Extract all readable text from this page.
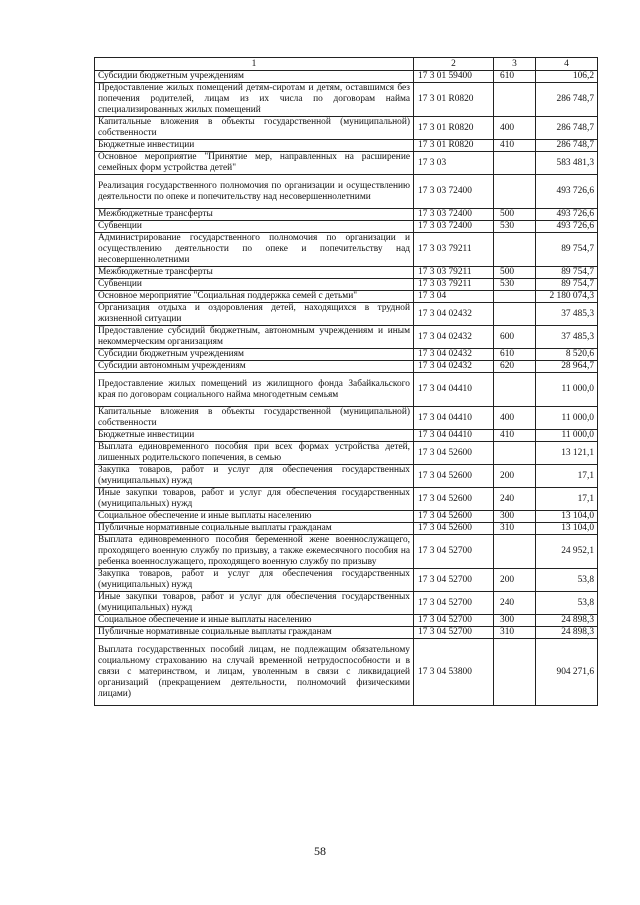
1	2	3	4
Субсидии бюджетным учреждениям	17 3 01 59400	610	106,2
Предоставление жилых помещений детям-сиротам и детям, оставшимся без попечения родителей, лицам из их числа по договорам найма специализированных жилых помещений	17 3 01 R0820		286 748,7
Капитальные вложения в объекты государственной (муниципальной) собственности	17 3 01 R0820	400	286 748,7
Бюджетные инвестиции	17 3 01 R0820	410	286 748,7
Основное мероприятие "Принятие мер, направленных на расширение семейных форм устройства детей"	17 3 03		583 481,3
Реализация государственного полномочия по организации и осуществлению деятельности по опеке и попечительству над несовершеннолетними	17 3 03 72400		493 726,6
Межбюджетные трансферты	17 3 03 72400	500	493 726,6
Субвенции	17 3 03 72400	530	493 726,6
Администрирование государственного полномочия по организации и осуществлению деятельности по опеке и попечительству над несовершеннолетними	17 3 03 79211		89 754,7
Межбюджетные трансферты	17 3 03 79211	500	89 754,7
Субвенции	17 3 03 79211	530	89 754,7
Основное мероприятие "Социальная поддержка семей с детьми"	17 3 04		2 180 074,3
Организация отдыха и оздоровления детей, находящихся в трудной жизненной ситуации	17 3 04 02432		37 485,3
Предоставление субсидий бюджетным, автономным учреждениям и иным некоммерческим организациям	17 3 04 02432	600	37 485,3
Субсидии бюджетным учреждениям	17 3 04 02432	610	8 520,6
Субсидии автономным учреждениям	17 3 04 02432	620	28 964,7
Предоставление жилых помещений из жилищного фонда Забайкальского края по договорам социального найма многодетным семьям	17 3 04 04410		11 000,0
Капитальные вложения в объекты государственной (муниципальной) собственности	17 3 04 04410	400	11 000,0
Бюджетные инвестиции	17 3 04 04410	410	11 000,0
Выплата единовременного пособия при всех формах устройства детей, лишенных родительского попечения, в семью	17 3 04 52600		13 121,1
Закупка товаров, работ и услуг для обеспечения государственных (муниципальных) нужд	17 3 04 52600	200	17,1
Иные закупки товаров, работ и услуг для обеспечения государственных (муниципальных) нужд	17 3 04 52600	240	17,1
Социальное обеспечение и иные выплаты населению	17 3 04 52600	300	13 104,0
Публичные нормативные социальные выплаты гражданам	17 3 04 52600	310	13 104,0
Выплата единовременного пособия беременной жене военнослужащего, проходящего военную службу по призыву, а также ежемесячного пособия на ребенка военнослужащего, проходящего военную службу по призыву	17 3 04 52700		24 952,1
Закупка товаров, работ и услуг для обеспечения государственных (муниципальных) нужд	17 3 04 52700	200	53,8
Иные закупки товаров, работ и услуг для обеспечения государственных (муниципальных) нужд	17 3 04 52700	240	53,8
Социальное обеспечение и иные выплаты населению	17 3 04 52700	300	24 898,3
Публичные нормативные социальные выплаты гражданам	17 3 04 52700	310	24 898,3
Выплата государственных пособий лицам, не подлежащим обязательному социальному страхованию на случай временной нетрудоспособности и в связи с материнством, и лицам, уволенным в связи с ликвидацией организаций (прекращением деятельности, полномочий физическими лицами)	17 3 04 53800		904 271,6
58
